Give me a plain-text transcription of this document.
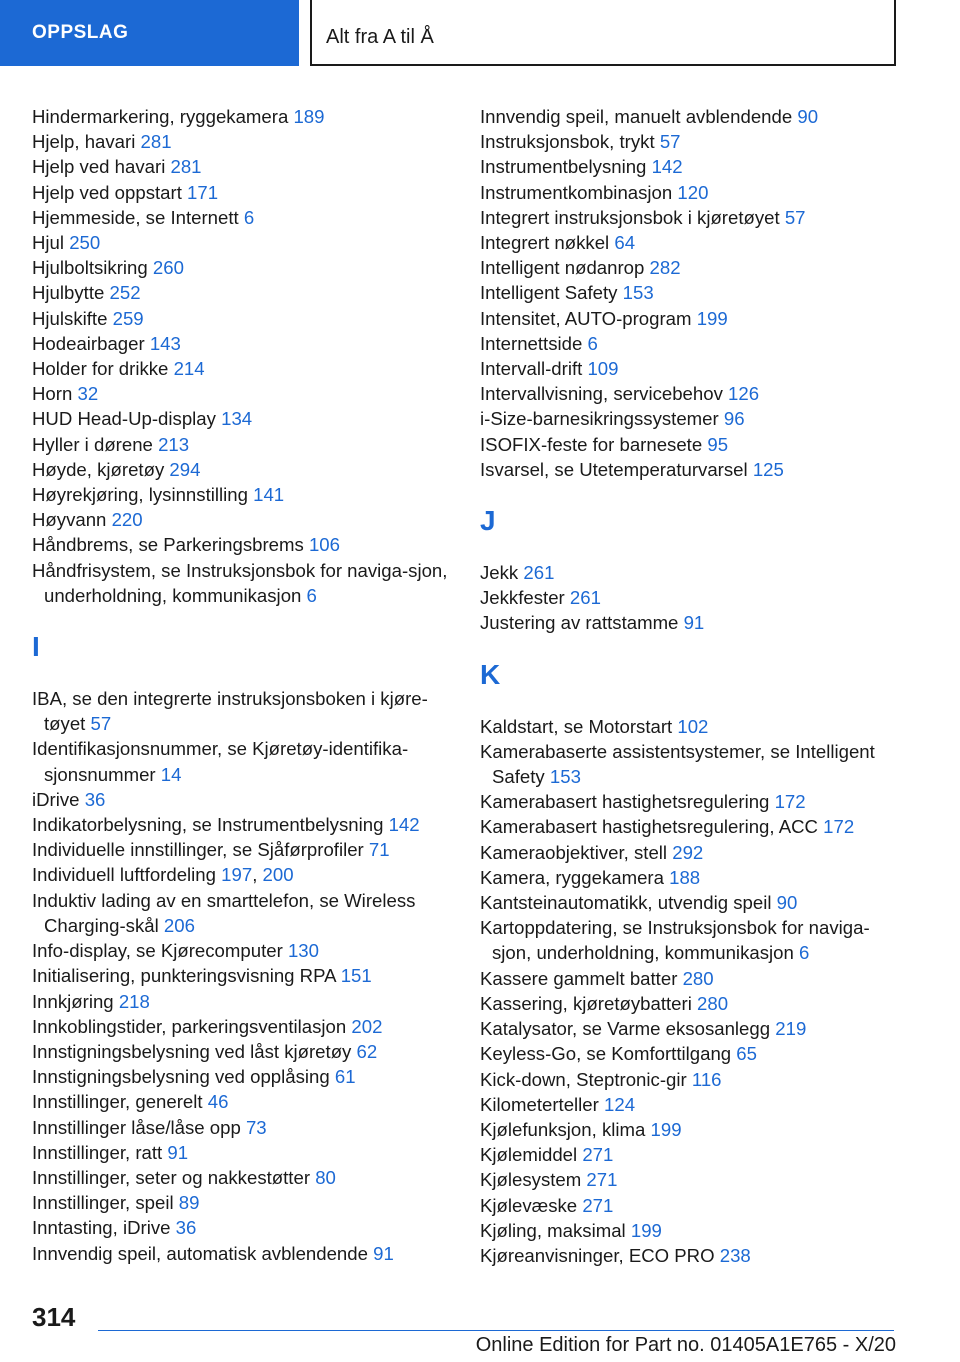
OPPSLAG	Alt fra A til Å
Hindermarkering, ryggekamera 189
Hjelp, havari 281
Hjelp ved havari 281
Hjelp ved oppstart 171
Hjemmeside, se Internett 6
Hjul 250
Hjulboltsikring 260
Hjulbytte 252
Hjulskifte 259
Hodeairbager 143
Holder for drikke 214
Horn 32
HUD Head-Up-display 134
Hyller i dørene 213
Høyde, kjøretøy 294
Høyrekjøring, lysinnstilling 141
Høyvann 220
Håndbrems, se Parkeringsbrems 106
Håndfrisystem, se Instruksjonsbok for naviga‐sjon, underholdning, kommunikasjon 6
I
IBA, se den integrerte instruksjonsboken i kjøre‐tøyet 57
Identifikasjonsnummer, se Kjøretøy-identifika‐sjonsnummer 14
iDrive 36
Indikatorbelysning, se Instrumentbelysning 142
Individuelle innstillinger, se Sjåførprofiler 71
Individuell luftfordeling 197, 200
Induktiv lading av en smarttelefon, se Wireless Charging-skål 206
Info-display, se Kjørecomputer 130
Initialisering, punkteringsvisning RPA 151
Innkjøring 218
Innkoblingstider, parkeringsventilasjon 202
Innstigningsbelysning ved låst kjøretøy 62
Innstigningsbelysning ved opplåsing 61
Innstillinger, generelt 46
Innstillinger låse/låse opp 73
Innstillinger, ratt 91
Innstillinger, seter og nakkestøtter 80
Innstillinger, speil 89
Inntasting, iDrive 36
Innvendig speil, automatisk avblendende 91
Innvendig speil, manuelt avblendende 90
Instruksjonsbok, trykt 57
Instrumentbelysning 142
Instrumentkombinasjon 120
Integrert instruksjonsbok i kjøretøyet 57
Integrert nøkkel 64
Intelligent nødanrop 282
Intelligent Safety 153
Intensitet, AUTO-program 199
Internettside 6
Intervall-drift 109
Intervallvisning, servicebehov 126
i-Size-barnesikringssystemer 96
ISOFIX-feste for barnesete 95
Isvarsel, se Utetemperaturvarsel 125
J
Jekk 261
Jekkfester 261
Justering av rattstamme 91
K
Kaldstart, se Motorstart 102
Kamerabaserte assistentsystemer, se Intelligent Safety 153
Kamerabasert hastighetsregulering 172
Kamerabasert hastighetsregulering, ACC 172
Kameraobjektiver, stell 292
Kamera, ryggekamera 188
Kantsteinautomatikk, utvendig speil 90
Kartoppdatering, se Instruksjonsbok for naviga‐sjon, underholdning, kommunikasjon 6
Kassere gammelt batter 280
Kassering, kjøretøybatteri 280
Katalysator, se Varme eksosanlegg 219
Keyless-Go, se Komforttilgang 65
Kick-down, Steptronic-gir 116
Kilometerteller 124
Kjølefunksjon, klima 199
Kjølemiddel 271
Kjølesystem 271
Kjølevæske 271
Kjøling, maksimal 199
Kjøreanvisninger, ECO PRO 238
314
Online Edition for Part no. 01405A1E765 - X/20
